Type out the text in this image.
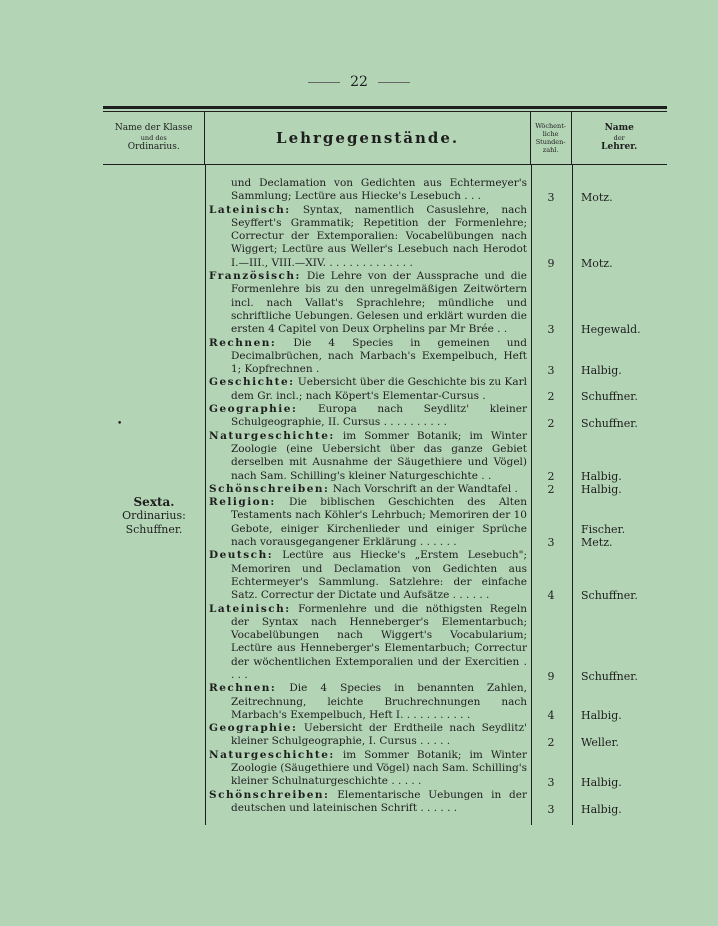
22
Name der Klasse
und des
Ordinarius.	Lehrgegenstände.
Wöchent-
liche
Stunden-
zahl.
Name
der
Lehrer.
•
Sexta.
Ordinarius:
Schuffner.

und Declamation von Gedichten aus Echtermeyer's Sammlung; Lectüre aus Hiecke's Lesebuch . . .

Lateinisch: Syntax, namentlich Casuslehre, nach Seyffert's Grammatik; Repetition der Formenlehre; Correctur der Extemporalien: Vocabelübungen nach Wiggert; Lectüre aus Weller's Lesebuch nach Herodot I.—III., VIII.—XIV. . . . . . . . . . . . . .

Französisch: Die Lehre von der Aussprache und die Formenlehre bis zu den unregelmäßigen Zeitwörtern incl. nach Vallat's Sprachlehre; mündliche und schriftliche Uebungen. Gelesen und erklärt wurden die ersten 4 Capitel von Deux Orphelins par Mr Brée . .

Rechnen: Die 4 Species in gemeinen und Decimalbrüchen, nach Marbach's Exempelbuch, Heft 1; Kopfrechnen .

Geschichte: Uebersicht über die Geschichte bis zu Karl dem Gr. incl.; nach Köpert's Elementar-Cursus .

Geographie: Europa nach Seydlitz' kleiner Schulgeographie, II. Cursus . . . . . . . . . .

Naturgeschichte: im Sommer Botanik; im Winter Zoologie (eine Uebersicht über das ganze Gebiet derselben mit Ausnahme der Säugethiere und Vögel) nach Sam. Schilling's kleiner Naturgeschichte . .

Schönschreiben: Nach Vorschrift an der Wandtafel .

Religion: Die biblischen Geschichten des Alten Testaments nach Köhler's Lehrbuch; Memoriren der 10 Gebote, einiger Kirchenlieder und einiger Sprüche nach vorausgegangener Erklärung . . . . . .

Deutsch: Lectüre aus Hiecke's „Erstem Lesebuch"; Memoriren und Declamation von Gedichten aus Echtermeyer's Sammlung. Satzlehre: der einfache Satz. Correctur der Dictate und Aufsätze . . . . . .

Lateinisch: Formenlehre und die nöthigsten Regeln der Syntax nach Henneberger's Elementarbuch; Vocabelübungen nach Wiggert's Vocabularium; Lectüre aus Henneberger's Elementarbuch; Correctur der wöchentlichen Extemporalien und der Exercitien . . . .

Rechnen: Die 4 Species in benannten Zahlen, Zeitrechnung, leichte Bruchrechnungen nach Marbach's Exempelbuch, Heft I. . . . . . . . . . .

Geographie: Uebersicht der Erdtheile nach Seydlitz' kleiner Schulgeographie, I. Cursus . . . . .

Naturgeschichte: im Sommer Botanik; im Winter Zoologie (Säugethiere und Vögel) nach Sam. Schilling's kleiner Schulnaturgeschichte . . . . .

Schönschreiben: Elementarische Uebungen in der deutschen und lateinischen Schrift . . . . . .

3
9
3
3
2
2
2
2
3
4
9
4
2
3
3
Motz.
Motz.
Hegewald.
Halbig.
Schuffner.
Schuffner.
Halbig.
Halbig.
Fischer.
Metz.
Schuffner.
Schuffner.
Halbig.
Weller.
Halbig.
Halbig.
